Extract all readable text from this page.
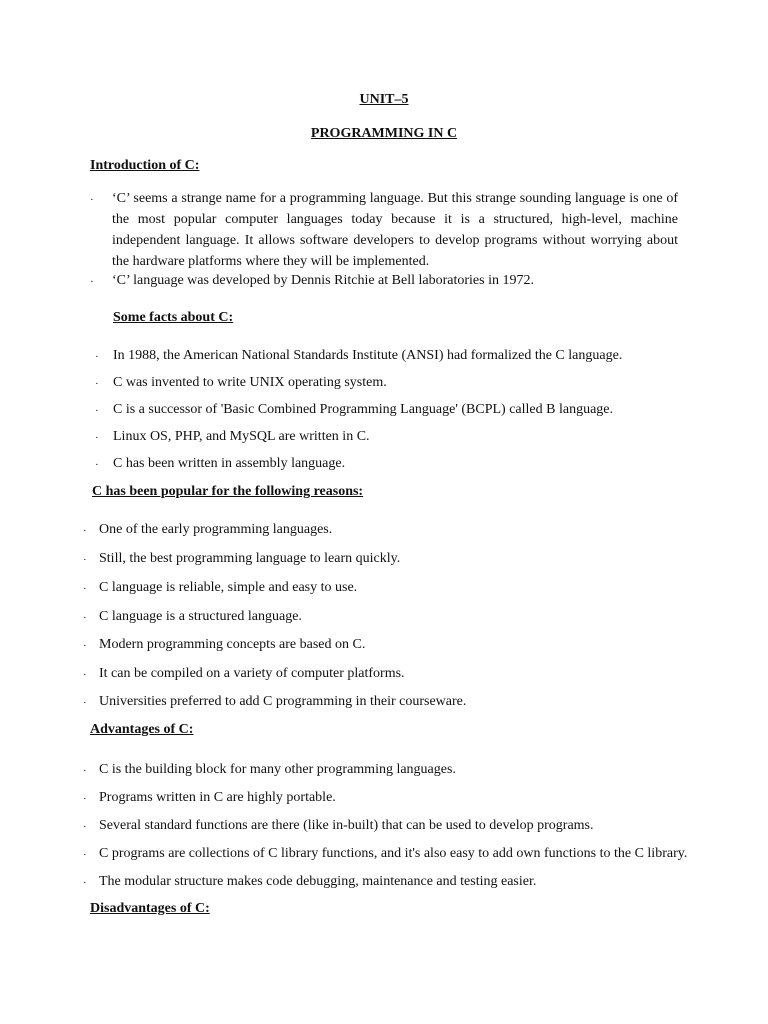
UNIT–5
PROGRAMMING IN C
Introduction of C:
· ‘C’ seems a strange name for a programming language. But this strange sounding language is one of the most popular computer languages today because it is a structured, high-level, machine independent language. It allows software developers to develop programs without worrying about the hardware platforms where they will be implemented.
· ‘C’ language was developed by Dennis Ritchie at Bell laboratories in 1972.
Some facts about C:
In 1988, the American National Standards Institute (ANSI) had formalized the C language.
C was invented to write UNIX operating system.
C is a successor of 'Basic Combined Programming Language' (BCPL) called B language.
Linux OS, PHP, and MySQL are written in C.
C has been written in assembly language.
·
·
·
·
·
C has been popular for the following reasons:
One of the early programming languages.
Still, the best programming language to learn quickly.
C language is reliable, simple and easy to use.
C language is a structured language.
Modern programming concepts are based on C.
It can be compiled on a variety of computer platforms.
Universities preferred to add C programming in their courseware.
·
·
·
·
·
·
·
Advantages of C:
C is the building block for many other programming languages.
Programs written in C are highly portable.
Several standard functions are there (like in-built) that can be used to develop programs.
C programs are collections of C library functions, and it's also easy to add own functions to the C library.
The modular structure makes code debugging, maintenance and testing easier.
·
·
·
·
·
Disadvantages of C:
